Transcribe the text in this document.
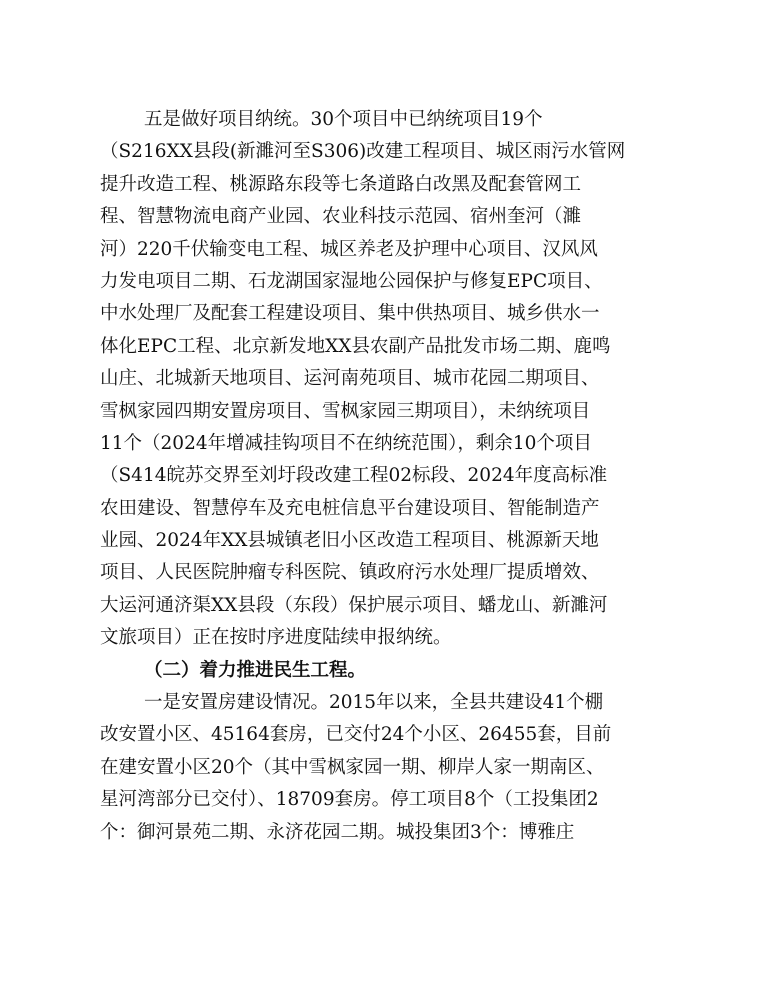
五是做好项目纳统。30个项目中已纳统项目19个
（S216XX县段(新濉河至S306)改建工程项目、城区雨污水管网
提升改造工程、桃源路东段等七条道路白改黑及配套管网工
程、智慧物流电商产业园、农业科技示范园、宿州奎河（濉
河）220千伏输变电工程、城区养老及护理中心项目、汉风风
力发电项目二期、石龙湖国家湿地公园保护与修复EPC项目、
中水处理厂及配套工程建设项目、集中供热项目、城乡供水一
体化EPC工程、北京新发地XX县农副产品批发市场二期、鹿鸣
山庄、北城新天地项目、运河南苑项目、城市花园二期项目、
雪枫家园四期安置房项目、雪枫家园三期项目），未纳统项目
11个（2024年增减挂钩项目不在纳统范围），剩余10个项目
（S414皖苏交界至刘圩段改建工程02标段、2024年度高标准
农田建设、智慧停车及充电桩信息平台建设项目、智能制造产
业园、2024年XX县城镇老旧小区改造工程项目、桃源新天地
项目、人民医院肿瘤专科医院、镇政府污水处理厂提质增效、
大运河通济渠XX县段（东段）保护展示项目、蟠龙山、新濉河
文旅项目）正在按时序进度陆续申报纳统。
（二）着力推进民生工程。
一是安置房建设情况。2015年以来，全县共建设41个棚
改安置小区、45164套房，已交付24个小区、26455套，目前
在建安置小区20个（其中雪枫家园一期、柳岸人家一期南区、
星河湾部分已交付）、18709套房。停工项目8个（工投集团2
个：御河景苑二期、永济花园二期。城投集团3个：博雅庄
